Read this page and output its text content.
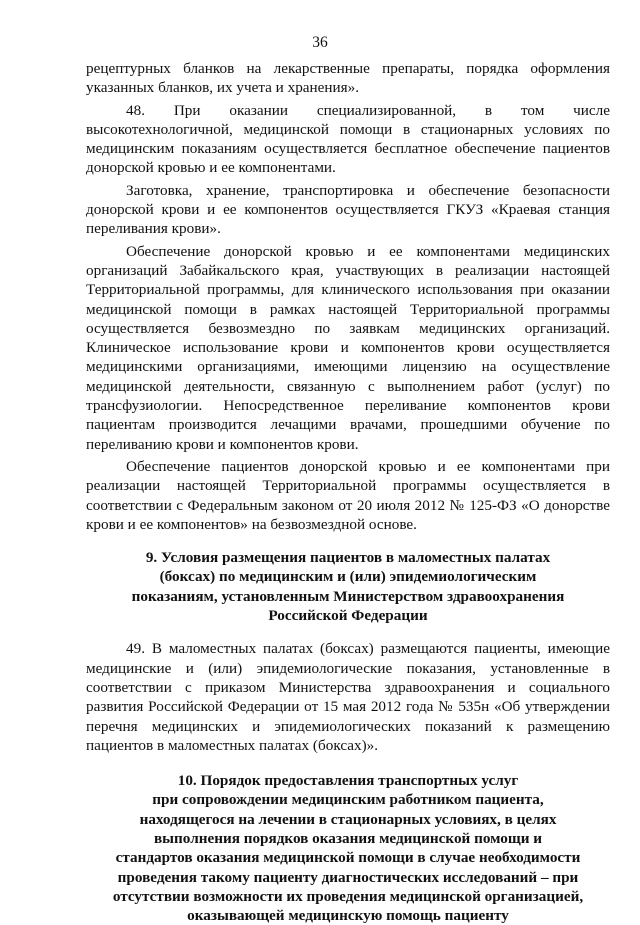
36

рецептурных бланков на лекарственные препараты, порядка оформления указанных бланков, их учета и хранения».

48. При оказании специализированной, в том числе высокотехнологичной, медицинской помощи в стационарных условиях по медицинским показаниям осуществляется бесплатное обеспечение пациентов донорской кровью и ее компонентами.

Заготовка, хранение, транспортировка и обеспечение безопасности донорской крови и ее компонентов осуществляется ГКУЗ «Краевая станция переливания крови».

Обеспечение донорской кровью и ее компонентами медицинских организаций Забайкальского края, участвующих в реализации настоящей Территориальной программы, для клинического использования при оказании медицинской помощи в рамках настоящей Территориальной программы осуществляется безвозмездно по заявкам медицинских организаций. Клиническое использование крови и компонентов крови осуществляется медицинскими организациями, имеющими лицензию на осуществление медицинской деятельности, связанную с выполнением работ (услуг) по трансфузиологии. Непосредственное переливание компонентов крови пациентам производится лечащими врачами, прошедшими обучение по переливанию крови и компонентов крови.

Обеспечение пациентов донорской кровью и ее компонентами при реализации настоящей Территориальной программы осуществляется в соответствии с Федеральным законом от 20 июля 2012 № 125-ФЗ «О донорстве крови и ее компонентов» на безвозмездной основе.

9. Условия размещения пациентов в маломестных палатах
(боксах) по медицинским и (или) эпидемиологическим
показаниям, установленным Министерством здравоохранения
Российской Федерации

49. В маломестных палатах (боксах) размещаются пациенты, имеющие медицинские и (или) эпидемиологические показания, установленные в соответствии с приказом Министерства здравоохранения и социального развития Российской Федерации от 15 мая 2012 года № 535н «Об утверждении перечня медицинских и эпидемиологических показаний к размещению пациентов в маломестных палатах (боксах)».

10. Порядок предоставления транспортных услуг
при сопровождении медицинским работником пациента,
находящегося на лечении в стационарных условиях, в целях
выполнения порядков оказания медицинской помощи и
стандартов оказания медицинской помощи в случае необходимости
проведения такому пациенту диагностических исследований – при
отсутствии возможности их проведения медицинской организацией,
оказывающей медицинскую помощь пациенту
